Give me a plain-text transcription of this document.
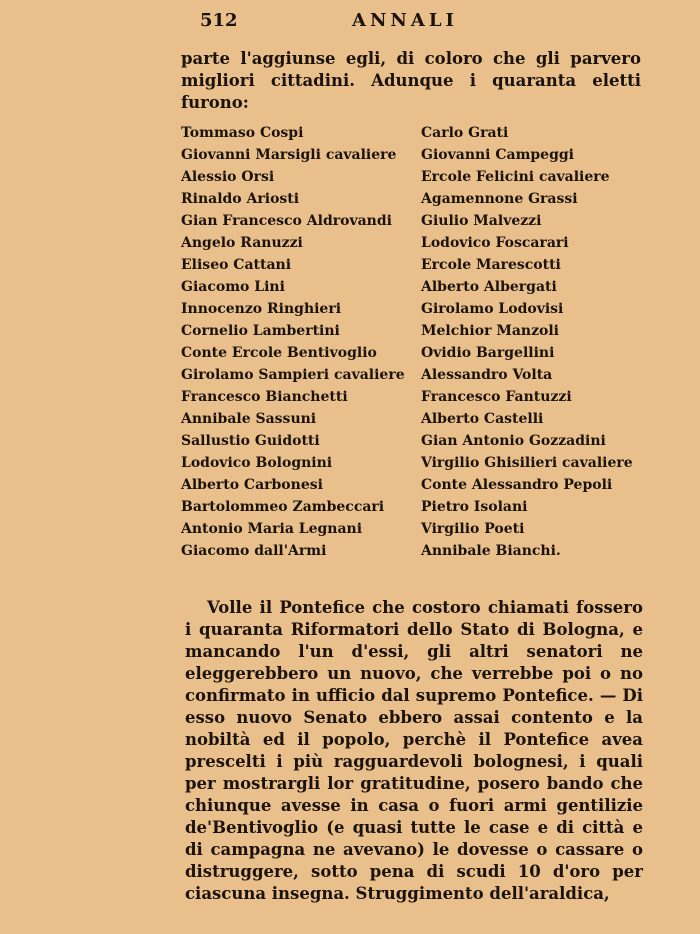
512	ANNALI

parte l'aggiunse egli, di coloro che gli parvero migliori cittadini. Adunque i quaranta eletti furono:

Tommaso Cospi
Giovanni Marsigli cavaliere
Alessio Orsi
Rinaldo Ariosti
Gian Francesco Aldrovandi
Angelo Ranuzzi
Eliseo Cattani
Giacomo Lini
Innocenzo Ringhieri
Cornelio Lambertini
Conte Ercole Bentivoglio
Girolamo Sampieri cavaliere
Francesco Bianchetti
Annibale Sassuni
Sallustio Guidotti
Lodovico Bolognini
Alberto Carbonesi
Bartolommeo Zambeccari
Antonio Maria Legnani
Giacomo dall'Armi
Carlo Grati
Giovanni Campeggi
Ercole Felicini cavaliere
Agamennone Grassi
Giulio Malvezzi
Lodovico Foscarari
Ercole Marescotti
Alberto Albergati
Girolamo Lodovisi
Melchior Manzoli
Ovidio Bargellini
Alessandro Volta
Francesco Fantuzzi
Alberto Castelli
Gian Antonio Gozzadini
Virgilio Ghisilieri cavaliere
Conte Alessandro Pepoli
Pietro Isolani
Virgilio Poeti
Annibale Bianchi.

Volle il Pontefice che costoro chiamati fossero i quaranta Riformatori dello Stato di Bologna, e mancando l'un d'essi, gli altri senatori ne eleggerebbero un nuovo, che verrebbe poi o no confirmato in ufficio dal supremo Pontefice. — Di esso nuovo Senato ebbero assai contento e la nobiltà ed il popolo, perchè il Pontefice avea prescelti i più ragguardevoli bolognesi, i quali per mostrargli lor gratitudine, posero bando che chiunque avesse in casa o fuori armi gentilizie de'Bentivoglio (e quasi tutte le case e di città e di campagna ne avevano) le dovesse o cassare o distruggere, sotto pena di scudi 10 d'oro per ciascuna insegna. Struggimento dell'araldica,
